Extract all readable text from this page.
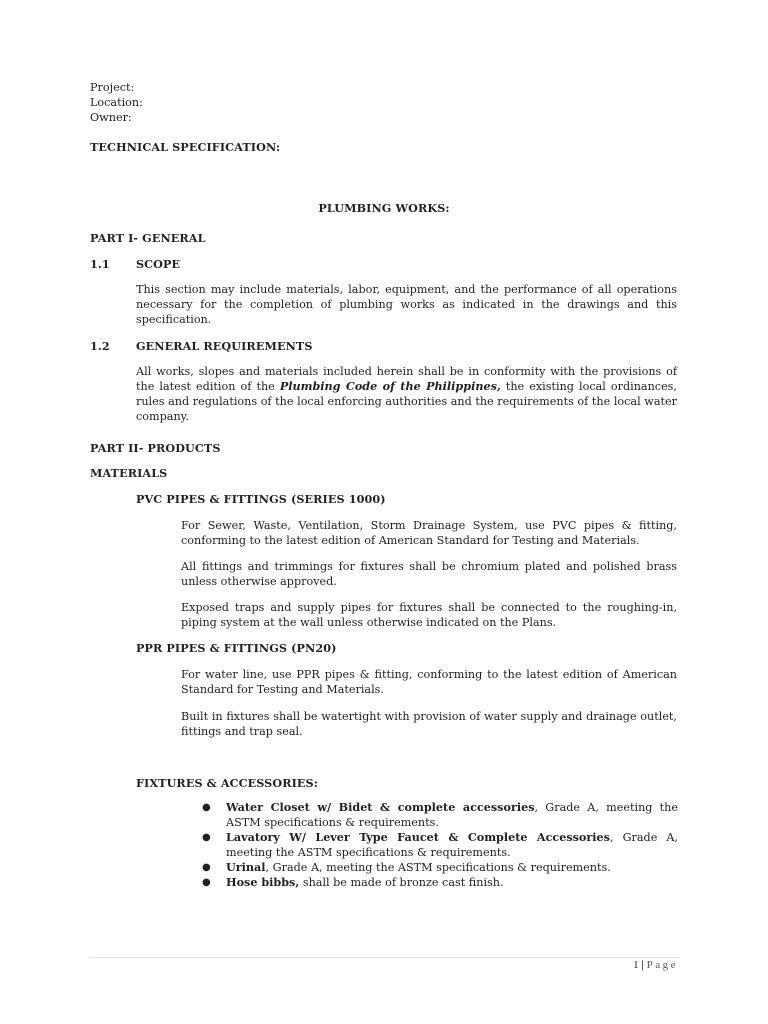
Project:
Location:
Owner:
TECHNICAL SPECIFICATION:
PLUMBING WORKS:
PART I- GENERAL
1.1 SCOPE

This section may include materials, labor, equipment, and the performance of all operations necessary for the completion of plumbing works as indicated in the drawings and this specification.

1.2 GENERAL REQUIREMENTS

All works, slopes and materials included herein shall be in conformity with the provisions of the latest edition of the Plumbing Code of the Philippines, the existing local ordinances, rules and regulations of the local enforcing authorities and the requirements of the local water company.

PART II- PRODUCTS
MATERIALS
PVC PIPES & FITTINGS (SERIES 1000)

For Sewer, Waste, Ventilation, Storm Drainage System, use PVC pipes & fitting, conforming to the latest edition of American Standard for Testing and Materials.

All fittings and trimmings for fixtures shall be chromium plated and polished brass unless otherwise approved.

Exposed traps and supply pipes for fixtures shall be connected to the roughing-in, piping system at the wall unless otherwise indicated on the Plans.

PPR PIPES & FITTINGS (PN20)

For water line, use PPR pipes & fitting, conforming to the latest edition of American Standard for Testing and Materials.

Built in fixtures shall be watertight with provision of water supply and drainage outlet, fittings and trap seal.

FIXTURES & ACCESSORIES:
● Water Closet w/ Bidet & complete accessories, Grade A, meeting the ASTM specifications & requirements.
● Lavatory W/ Lever Type Faucet & Complete Accessories, Grade A, meeting the ASTM specifications & requirements.
● Urinal, Grade A, meeting the ASTM specifications & requirements.
● Hose bibbs, shall be made of bronze cast finish.
1 | Page
